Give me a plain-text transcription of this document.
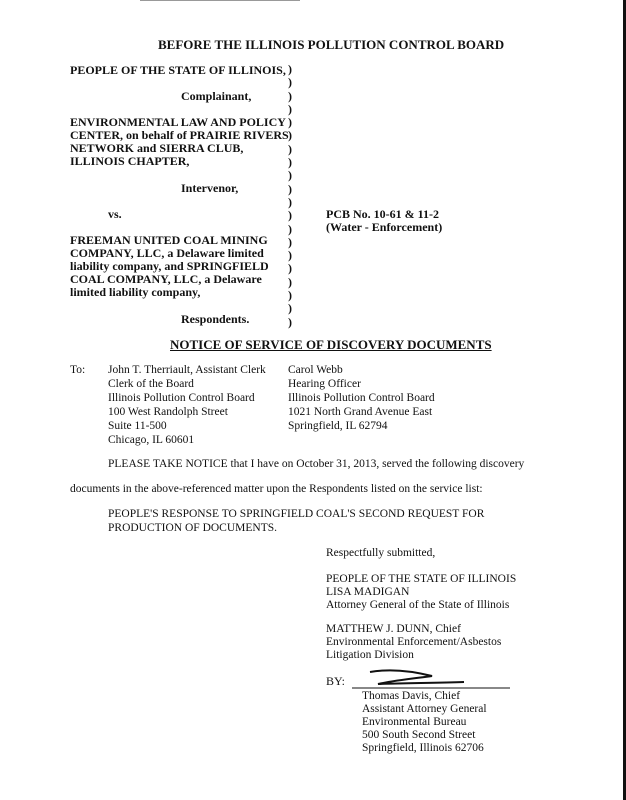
BEFORE THE ILLINOIS POLLUTION CONTROL BOARD
PEOPLE OF THE STATE OF ILLINOIS,
Complainant,
ENVIRONMENTAL LAW AND POLICY
CENTER, on behalf of PRAIRIE RIVERS
NETWORK and SIERRA CLUB,
ILLINOIS CHAPTER,
Intervenor,
vs.
FREEMAN UNITED COAL MINING
COMPANY, LLC, a Delaware limited
liability company, and SPRINGFIELD
COAL COMPANY, LLC, a Delaware
limited liability company,
Respondents.
)
)
)
)
)
)
)
)
)
)
)
)
)
)
)
)
)
)
)
)
PCB No. 10-61 & 11-2
(Water - Enforcement)
NOTICE OF SERVICE OF DISCOVERY DOCUMENTS
To: John T. Therriault, Assistant Clerk
Clerk of the Board
Illinois Pollution Control Board
100 West Randolph Street
Suite 11-500
Chicago, IL 60601
Carol Webb
Hearing Officer
Illinois Pollution Control Board
1021 North Grand Avenue East
Springfield, IL 62794
PLEASE TAKE NOTICE that I have on October 31, 2013, served the following discovery
documents in the above-referenced matter upon the Respondents listed on the service list:
PEOPLE'S RESPONSE TO SPRINGFIELD COAL'S SECOND REQUEST FOR
PRODUCTION OF DOCUMENTS.
Respectfully submitted,
PEOPLE OF THE STATE OF ILLINOIS
LISA MADIGAN
Attorney General of the State of Illinois
MATTHEW J. DUNN, Chief
Environmental Enforcement/Asbestos
Litigation Division
BY:
Thomas Davis, Chief
Assistant Attorney General
Environmental Bureau
500 South Second Street
Springfield, Illinois 62706
